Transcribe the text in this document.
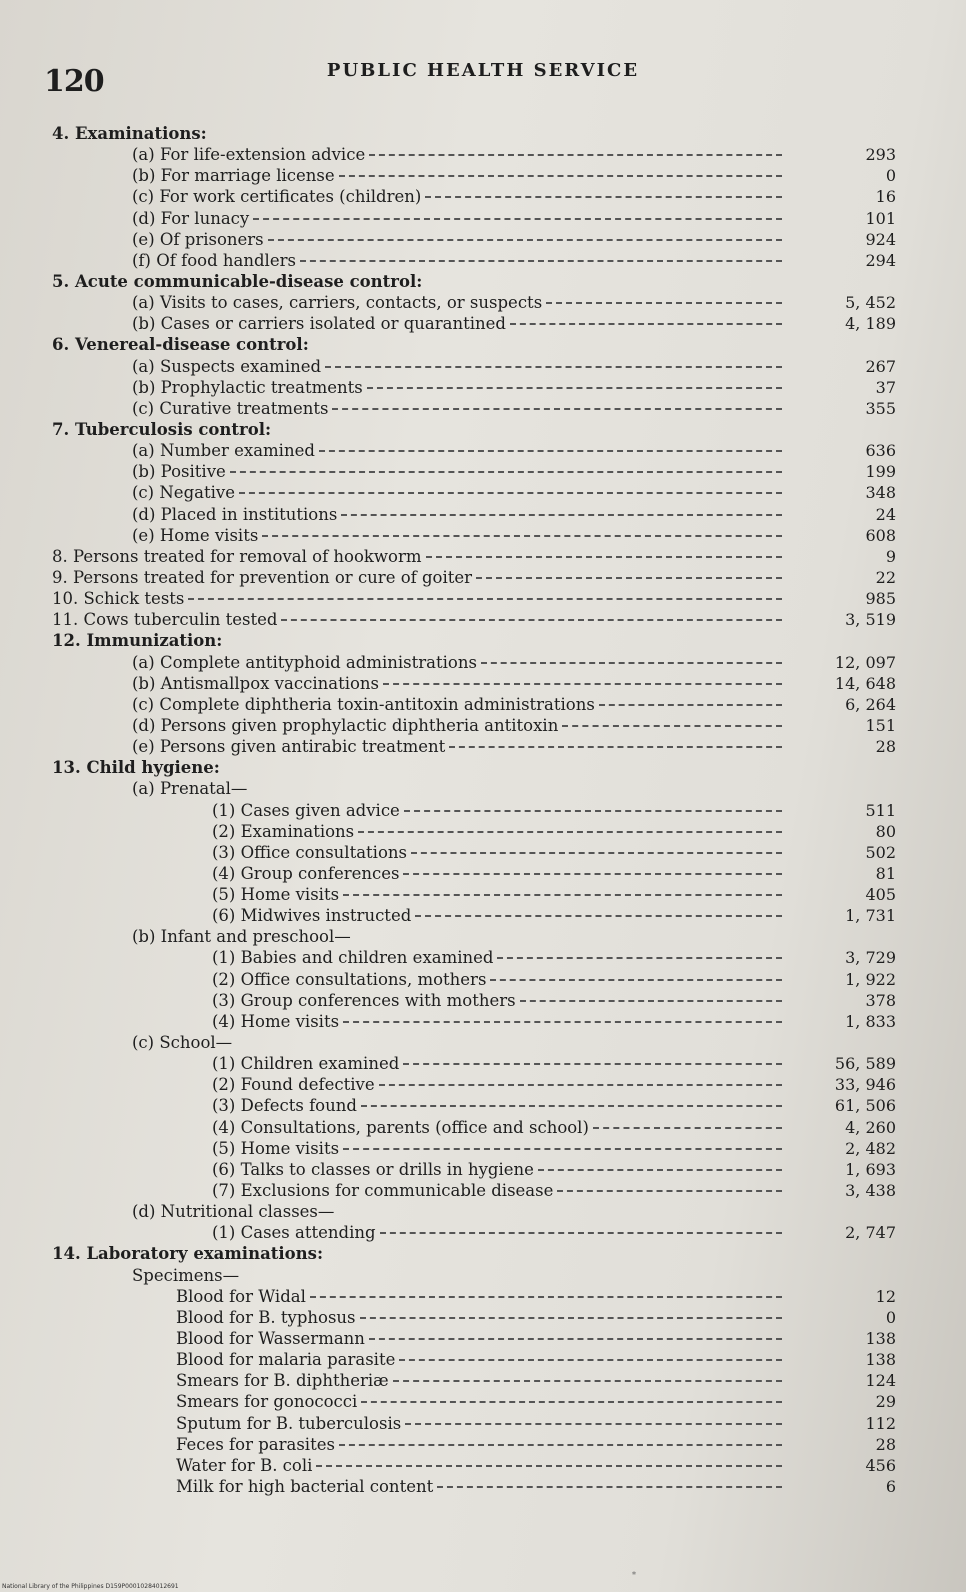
120	PUBLIC HEALTH SERVICE
4. Examinations:
(a) For life-extension advice	293
(b) For marriage license	0
(c) For work certificates (children)	16
(d) For lunacy	101
(e) Of prisoners	924
(f) Of food handlers	294
5. Acute communicable-disease control:
(a) Visits to cases, carriers, contacts, or suspects	5, 452
(b) Cases or carriers isolated or quarantined	4, 189
6. Venereal-disease control:
(a) Suspects examined	267
(b) Prophylactic treatments	37
(c) Curative treatments	355
7. Tuberculosis control:
(a) Number examined	636
(b) Positive	199
(c) Negative	348
(d) Placed in institutions	24
(e) Home visits	608
8. Persons treated for removal of hookworm	9
9. Persons treated for prevention or cure of goiter	22
10. Schick tests	985
11. Cows tuberculin tested	3, 519
12. Immunization:
(a) Complete antityphoid administrations	12, 097
(b) Antismallpox vaccinations	14, 648
(c) Complete diphtheria toxin-antitoxin administrations	6, 264
(d) Persons given prophylactic diphtheria antitoxin	151
(e) Persons given antirabic treatment	28
13. Child hygiene:
(a) Prenatal—
(1) Cases given advice	511
(2) Examinations	80
(3) Office consultations	502
(4) Group conferences	81
(5) Home visits	405
(6) Midwives instructed	1, 731
(b) Infant and preschool—
(1) Babies and children examined	3, 729
(2) Office consultations, mothers	1, 922
(3) Group conferences with mothers	378
(4) Home visits	1, 833
(c) School—
(1) Children examined	56, 589
(2) Found defective	33, 946
(3) Defects found	61, 506
(4) Consultations, parents (office and school)	4, 260
(5) Home visits	2, 482
(6) Talks to classes or drills in hygiene	1, 693
(7) Exclusions for communicable disease	3, 438
(d) Nutritional classes—
(1) Cases attending	2, 747
14. Laboratory examinations:
Specimens—
Blood for Widal	12
Blood for B. typhosus	0
Blood for Wassermann	138
Blood for malaria parasite	138
Smears for B. diphtheriæ	124
Smears for gonococci	29
Sputum for B. tuberculosis	112
Feces for parasites	28
Water for B. coli	456
Milk for high bacterial content	6
⁎
National Library of the Philippines D159P00010284012691
